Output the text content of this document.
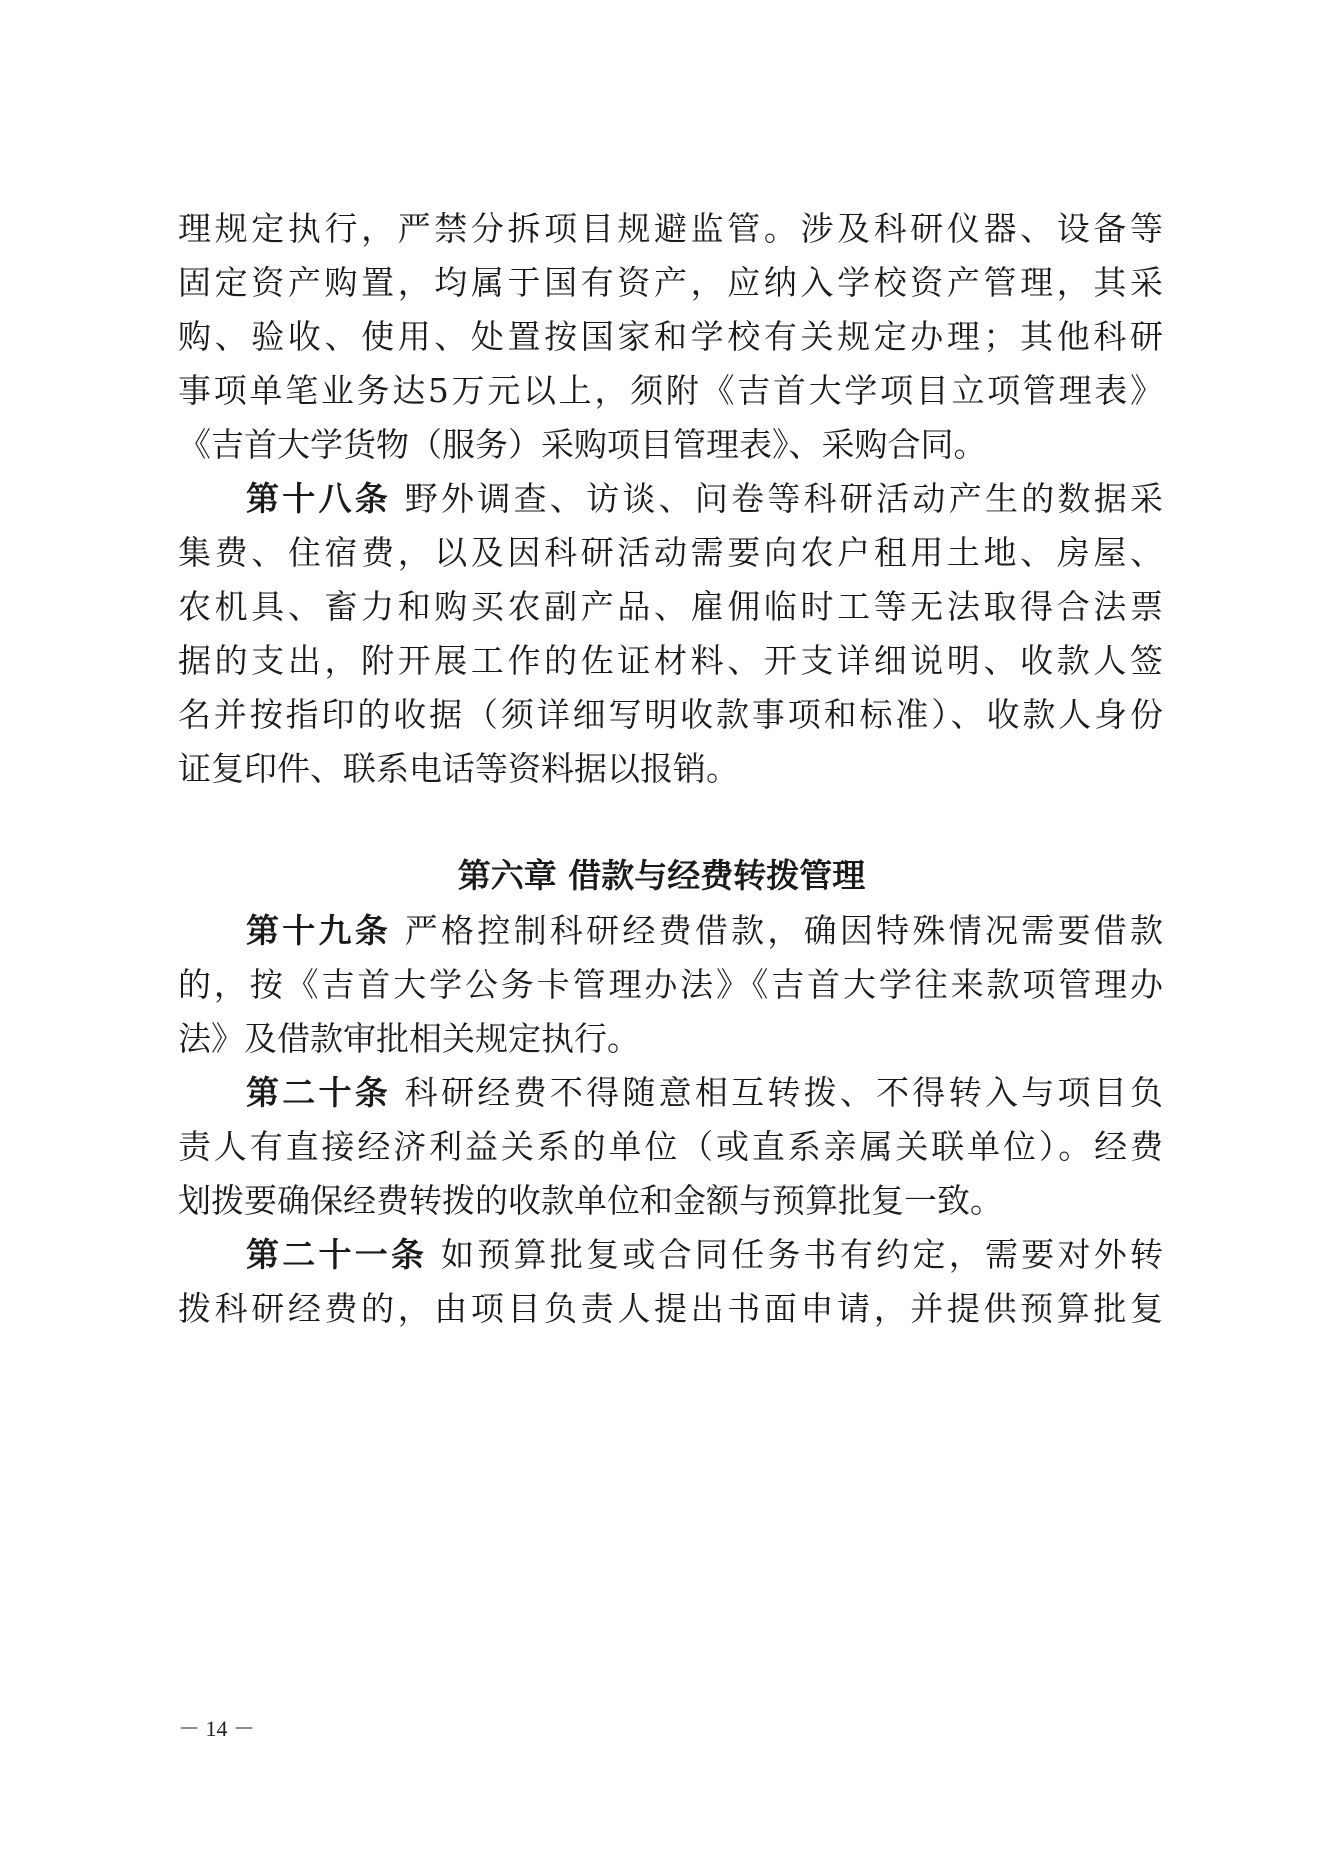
理规定执行，严禁分拆项目规避监管。涉及科研仪器、设备等
固定资产购置，均属于国有资产，应纳入学校资产管理，其采
购、验收、使用、处置按国家和学校有关规定办理；其他科研
事项单笔业务达5万元以上，须附《吉首大学项目立项管理表》
《吉首大学货物（服务）采购项目管理表》、采购合同。
第十八条 野外调查、访谈、问卷等科研活动产生的数据采
集费、住宿费，以及因科研活动需要向农户租用土地、房屋、
农机具、畜力和购买农副产品、雇佣临时工等无法取得合法票
据的支出，附开展工作的佐证材料、开支详细说明、收款人签
名并按指印的收据（须详细写明收款事项和标准）、收款人身份
证复印件、联系电话等资料据以报销。
第六章 借款与经费转拨管理
第十九条 严格控制科研经费借款，确因特殊情况需要借款
的，按《吉首大学公务卡管理办法》《吉首大学往来款项管理办
法》及借款审批相关规定执行。
第二十条 科研经费不得随意相互转拨、不得转入与项目负
责人有直接经济利益关系的单位（或直系亲属关联单位）。经费
划拨要确保经费转拨的收款单位和金额与预算批复一致。
第二十一条 如预算批复或合同任务书有约定，需要对外转
拨科研经费的，由项目负责人提出书面申请，并提供预算批复
－ 14 －
